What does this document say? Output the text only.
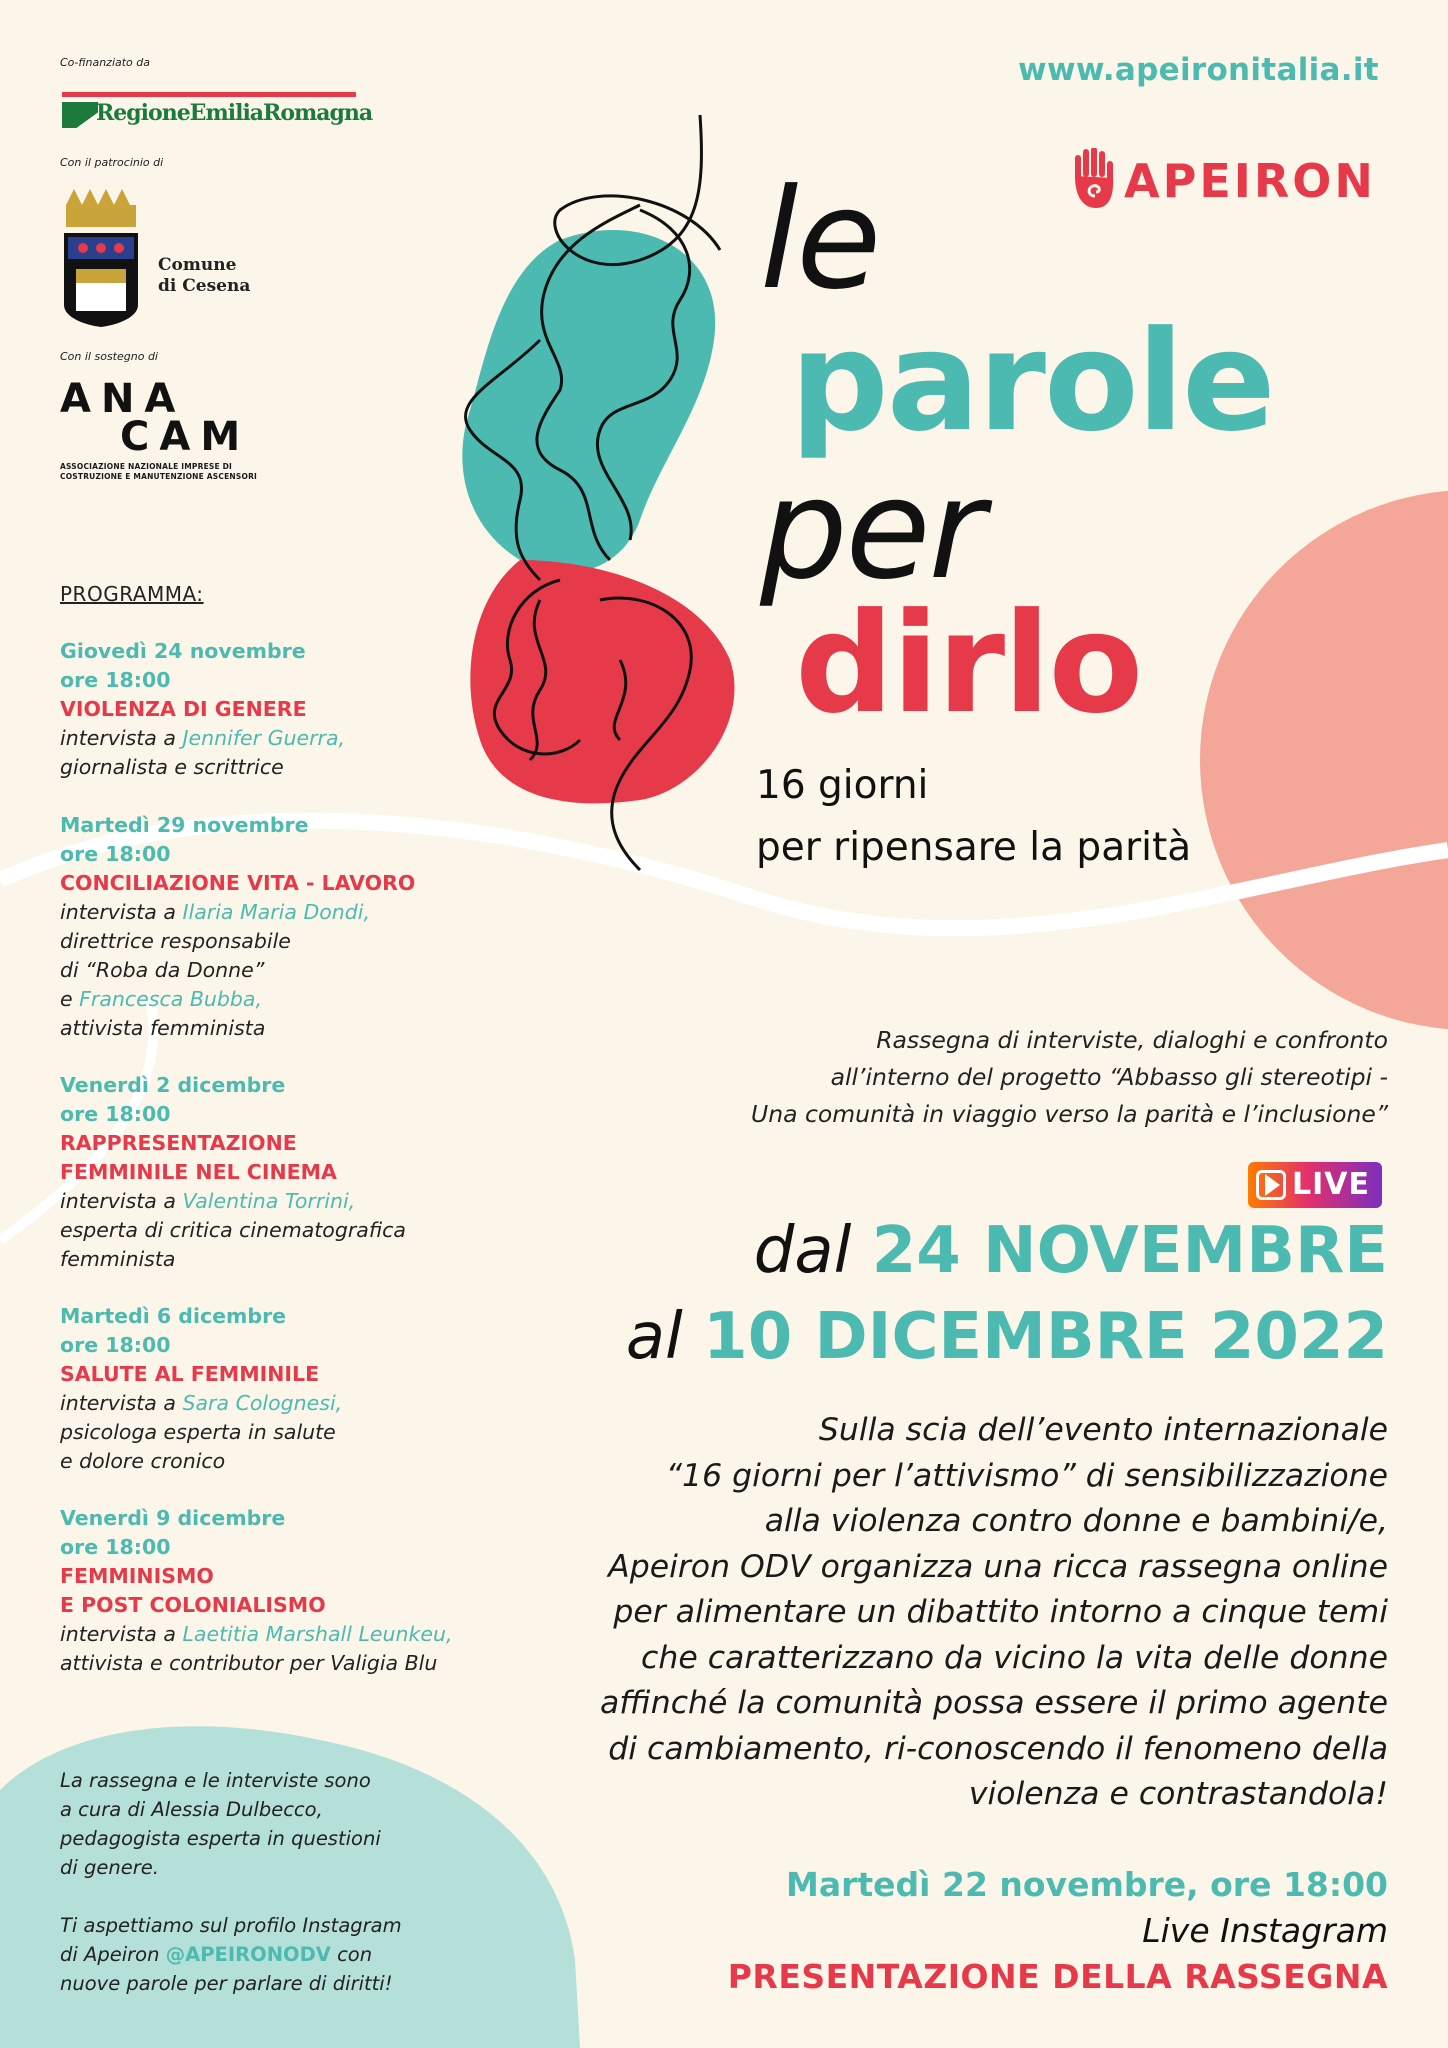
Co-finanziato da
RegioneEmiliaRomagna
Con il patrocinio di
Comune
di Cesena
Con il sostegno di
ANA
CAM
ASSOCIAZIONE NAZIONALE IMPRESE DI
COSTRUZIONE E MANUTENZIONE ASCENSORI
PROGRAMMA:
Giovedì 24 novembre
ore 18:00
VIOLENZA DI GENERE
intervista a Jennifer Guerra,
giornalista e scrittrice
Martedì 29 novembre
ore 18:00
CONCILIAZIONE VITA - LAVORO
intervista a Ilaria Maria Dondi,
direttrice responsabile
di “Roba da Donne”
e Francesca Bubba,
attivista femminista
Venerdì 2 dicembre
ore 18:00
RAPPRESENTAZIONE
FEMMINILE NEL CINEMA
intervista a Valentina Torrini,
esperta di critica cinematografica
femminista
Martedì 6 dicembre
ore 18:00
SALUTE AL FEMMINILE
intervista a Sara Colognesi,
psicologa esperta in salute
e dolore cronico
Venerdì 9 dicembre
ore 18:00
FEMMINISMO
E POST COLONIALISMO
intervista a Laetitia Marshall Leunkeu,
attivista e contributor per Valigia Blu
La rassegna e le interviste sono
a cura di Alessia Dulbecco,
pedagogista esperta in questioni
di genere.
Ti aspettiamo sul profilo Instagram
di Apeiron @APEIRONODV con
nuove parole per parlare di diritti!
www.apeironitalia.it
APEIRON
le
parole
per
dirlo
16 giorni
per ripensare la parità
Rassegna di interviste, dialoghi e confronto
all’interno del progetto “Abbasso gli stereotipi -
Una comunità in viaggio verso la parità e l’inclusione”
LIVE
dal 24 NOVEMBRE
al 10 DICEMBRE 2022
Sulla scia dell’evento internazionale
“16 giorni per l’attivismo” di sensibilizzazione
alla violenza contro donne e bambini/e,
Apeiron ODV organizza una ricca rassegna online
per alimentare un dibattito intorno a cinque temi
che caratterizzano da vicino la vita delle donne
affinché la comunità possa essere il primo agente
di cambiamento, ri-conoscendo il fenomeno della
violenza e contrastandola!
Martedì 22 novembre, ore 18:00
Live Instagram
PRESENTAZIONE DELLA RASSEGNA
